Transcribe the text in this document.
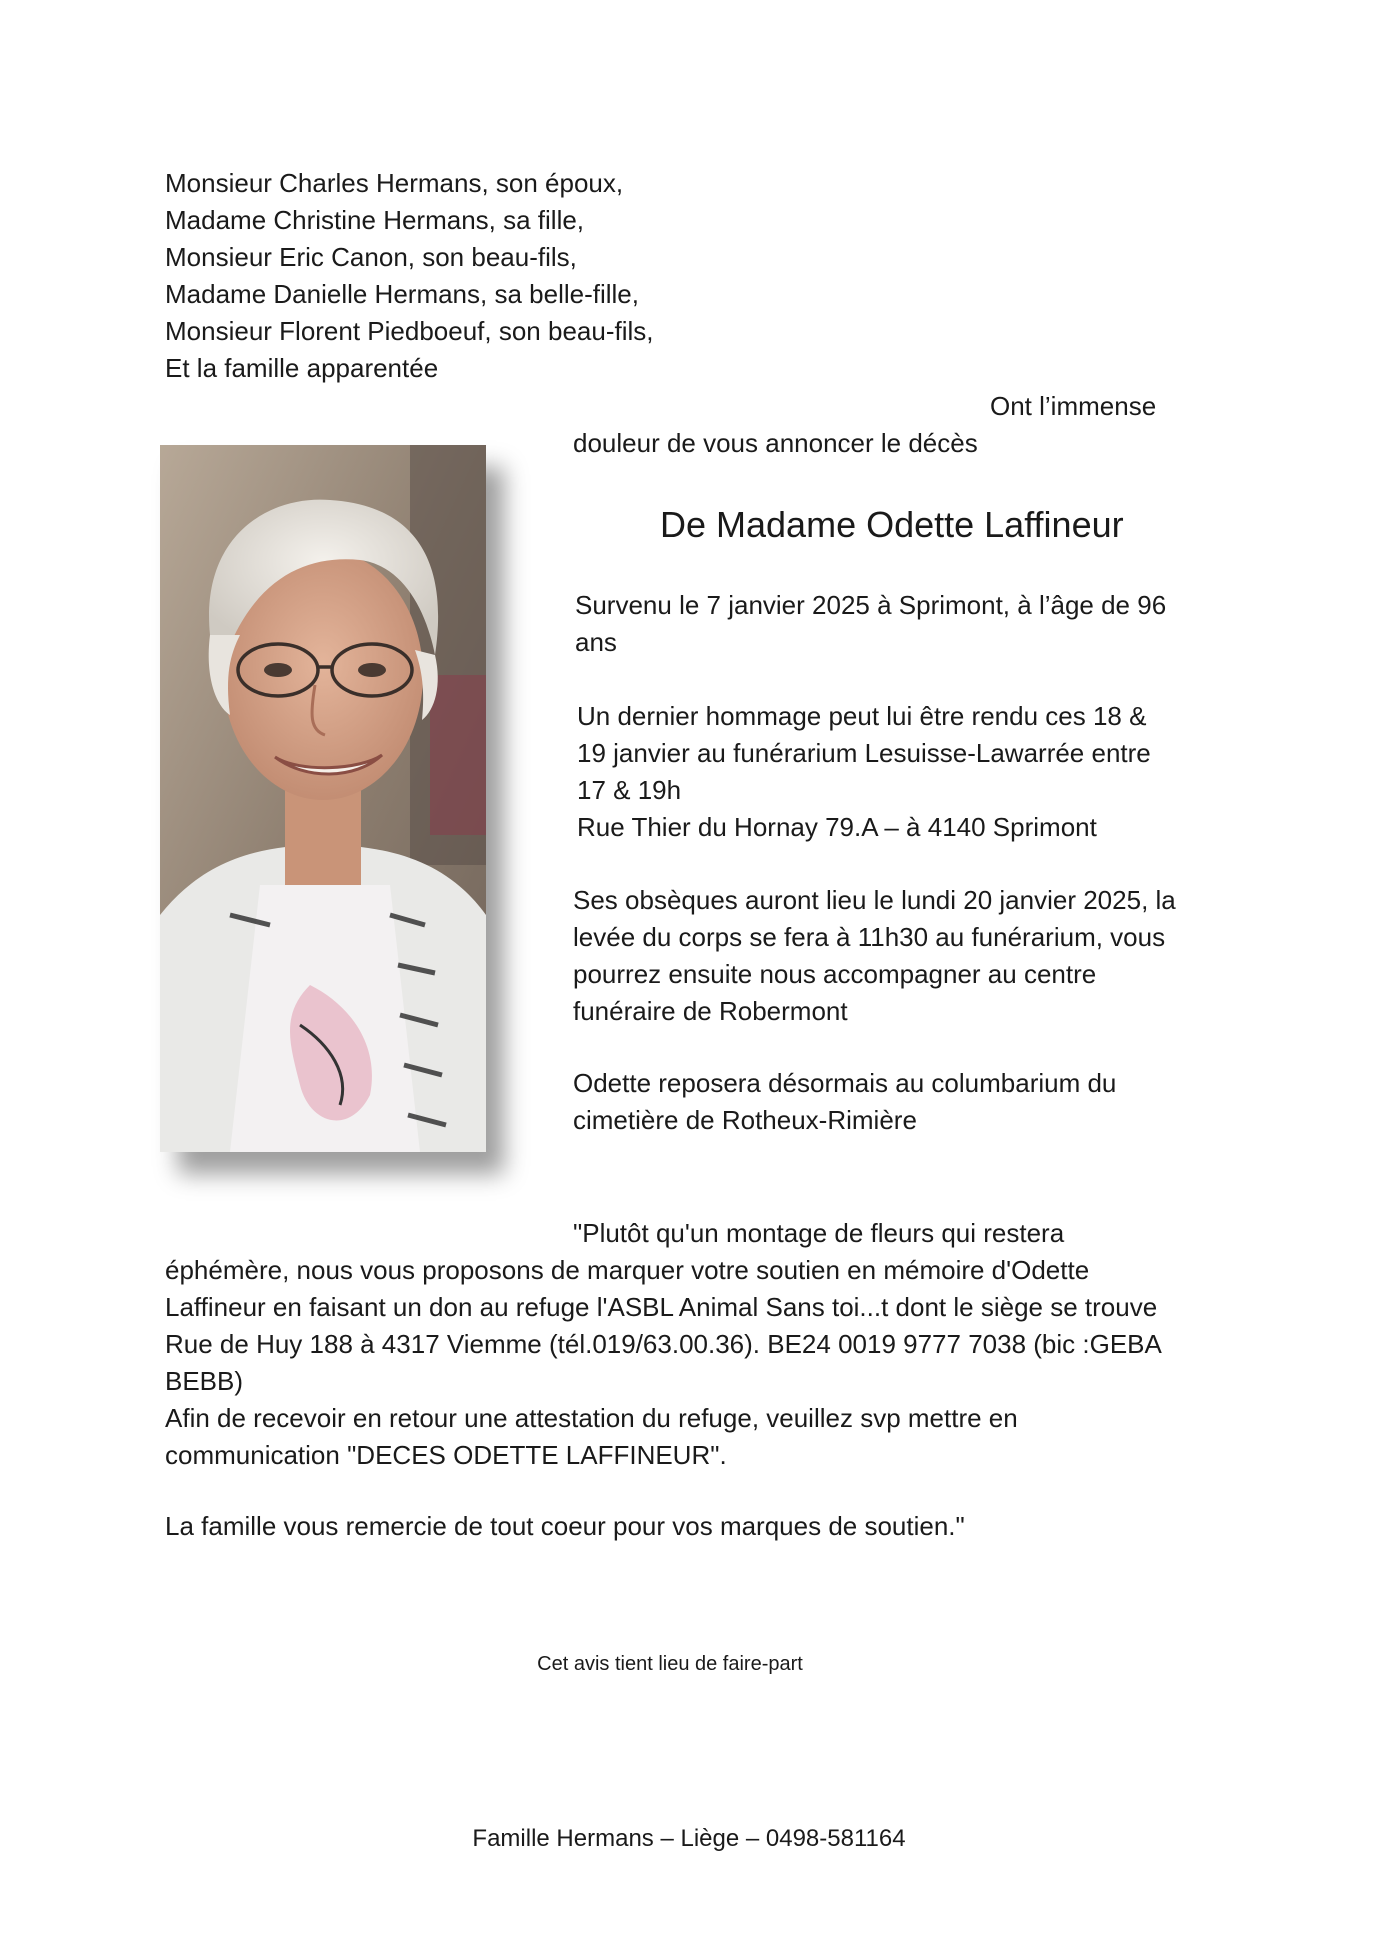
Monsieur Charles Hermans, son époux,
Madame Christine Hermans, sa fille,
Monsieur Eric Canon, son beau-fils,
Madame Danielle Hermans, sa belle-fille,
Monsieur Florent Piedboeuf, son beau-fils,
Et la famille apparentée
Ont l’immense
douleur de vous annoncer le décès
De Madame Odette Laffineur
Survenu le 7 janvier 2025 à Sprimont, à l’âge de 96
ans
Un dernier hommage peut lui être rendu ces 18 &
19 janvier au funérarium Lesuisse-Lawarrée entre
17 & 19h
Rue Thier du Hornay 79.A – à 4140 Sprimont
Ses obsèques auront lieu le lundi 20 janvier 2025, la
levée du corps se fera à 11h30 au funérarium, vous
pourrez ensuite nous accompagner au centre
funéraire de Robermont
Odette reposera désormais au columbarium du
cimetière de Rotheux-Rimière
"Plutôt qu'un montage de fleurs qui restera
éphémère, nous vous proposons de marquer votre soutien en mémoire d'Odette
Laffineur en faisant un don au refuge l'ASBL Animal Sans toi...t dont le siège se trouve
Rue de Huy 188 à 4317 Viemme (tél.019/63.00.36). BE24 0019 9777 7038 (bic :GEBA
BEBB)
Afin de recevoir en retour une attestation du refuge, veuillez svp mettre en
communication "DECES ODETTE LAFFINEUR".
La famille vous remercie de tout coeur pour vos marques de soutien."
Cet avis tient lieu de faire-part
Famille Hermans – Liège – 0498-581164
